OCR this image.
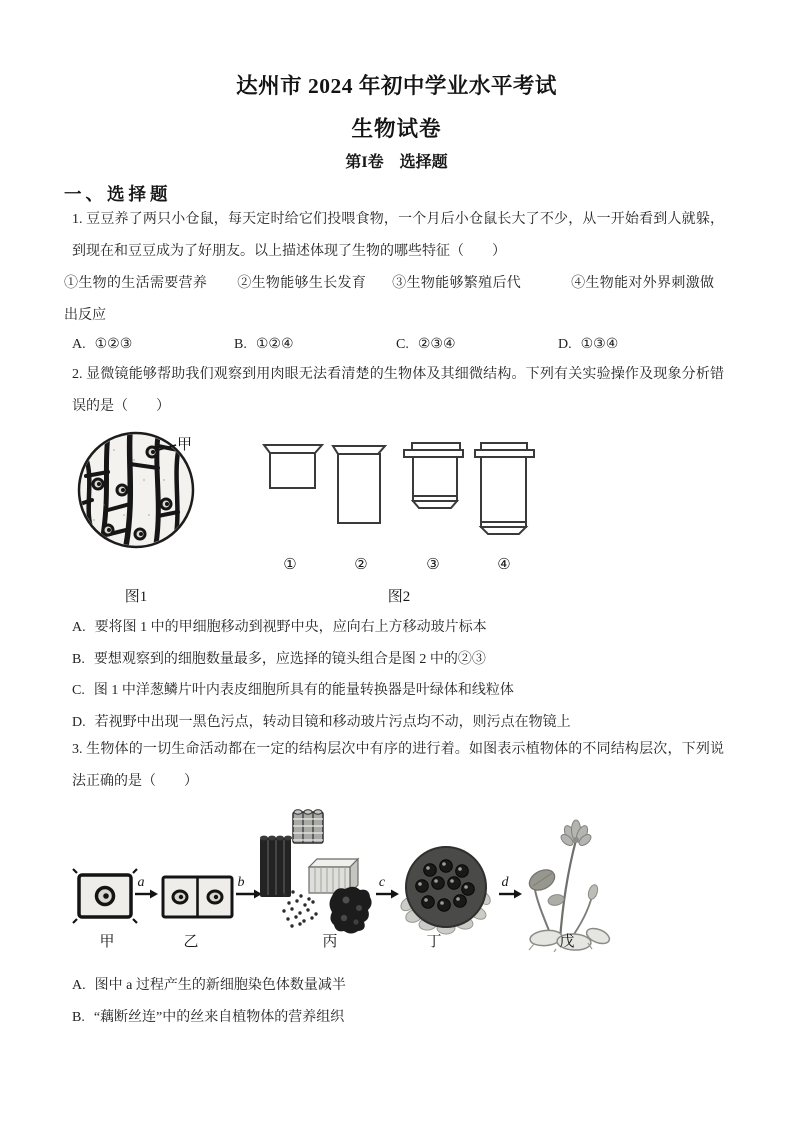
达州市 2024 年初中学业水平考试
生物试卷
第I卷　选择题
一、选择题

1. 豆豆养了两只小仓鼠，每天定时给它们投喂食物，一个月后小仓鼠长大了不少，从一开始看到人就躲，到现在和豆豆成为了好朋友。以上描述体现了生物的哪些特征（　　）

①生物的生活需要营养 ②生物能够生长发育 ③生物能够繁殖后代	④生物能对外界刺激做出反应

A. ①②③	B. ①②④	C. ②③④	D. ①③④

2. 显微镜能够帮助我们观察到用肉眼无法看清楚的生物体及其细微结构。下列有关实验操作及现象分析错误的是（　　）

甲
①	②	③	④
图1	图2
A. 要将图 1 中的甲细胞移动到视野中央，应向右上方移动玻片标本
B. 要想观察到的细胞数量最多，应选择的镜头组合是图 2 中的②③
C. 图 1 中洋葱鳞片叶内表皮细胞所具有的能量转换器是叶绿体和线粒体
D. 若视野中出现一黑色污点，转动目镜和移动玻片污点均不动，则污点在物镜上

3. 生物体的一切生命活动都在一定的结构层次中有序的进行着。如图表示植物体的不同结构层次，下列说法正确的是（　　）

a	b	c	d
甲	乙	丙	丁	戊
A. 图中 a 过程产生的新细胞染色体数量减半
B. “藕断丝连”中的丝来自植物体的营养组织
